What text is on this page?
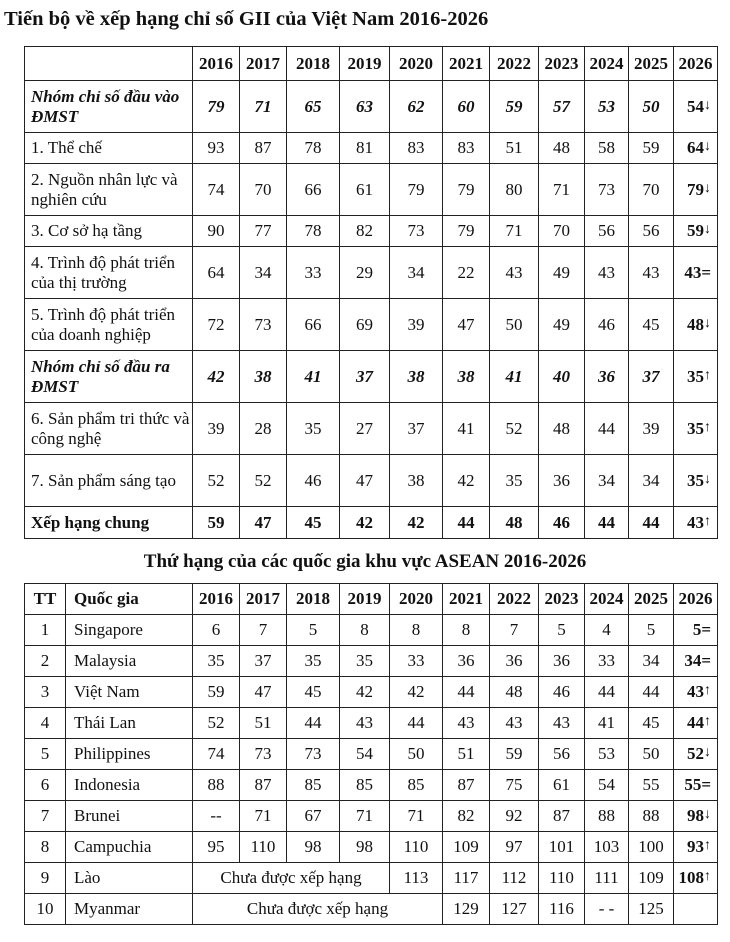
Tiến bộ về xếp hạng chỉ số GII của Việt Nam 2016-2026
	2016	2017	2018	2019	2020	2021	2022	2023	2024	2025	2026
Nhóm chỉ số đầu vào ĐMST	79	71	65	63	62	60	59	57	53	50	54↓
1. Thể chế	93	87	78	81	83	83	51	48	58	59	64↓
2. Nguồn nhân lực và nghiên cứu	74	70	66	61	79	79	80	71	73	70	79↓
3. Cơ sở hạ tầng	90	77	78	82	73	79	71	70	56	56	59↓
4. Trình độ phát triển của thị trường	64	34	33	29	34	22	43	49	43	43	43=
5. Trình độ phát triển của doanh nghiệp	72	73	66	69	39	47	50	49	46	45	48↓
Nhóm chỉ số đầu ra ĐMST	42	38	41	37	38	38	41	40	36	37	35↑
6. Sản phẩm tri thức và công nghệ	39	28	35	27	37	41	52	48	44	39	35↑
7. Sản phẩm sáng tạo	52	52	46	47	38	42	35	36	34	34	35↓
Xếp hạng chung	59	47	45	42	42	44	48	46	44	44	43↑
Thứ hạng của các quốc gia khu vực ASEAN 2016-2026
TT	Quốc gia	2016	2017	2018	2019	2020	2021	2022	2023	2024	2025	2026	
1	Singapore	6	7	5	8	8	8	7	5	4	5	5=	
2	Malaysia	35	37	35	35	33	36	36	36	33	34	34=	
3	Việt Nam	59	47	45	42	42	44	48	46	44	44	43↑	
4	Thái Lan	52	51	44	43	44	43	43	43	41	45	44↑	
5	Philippines	74	73	73	54	50	51	59	56	53	50	52↓	
6	Indonesia	88	87	85	85	85	87	75	61	54	55	55=	
7	Brunei	--	71	67	71	71	82	92	87	88	88	98↓	
8	Campuchia	95	110	98	98	110	109	97	101	103	100	93↑	
9	Lào	Chưa được xếp hạng				113	117	112	110	111	109	108↑	
10	Myanmar	Chưa được xếp hạng					129	127	116	- -	125		
